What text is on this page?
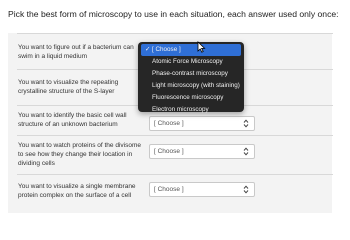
Pick the best form of microscopy to use in each situation, each answer used only once:
You want to figure out if a bacterium can swim in a liquid medium
You want to visualize the repeating crystalline structure of the S-layer
You want to identify the basic cell wall structure of an unknown bacterium	[ Choose ]
You want to watch proteins of the divisome to see how they change their location in dividing cells
[ Choose ]
You want to visualize a single membrane protein complex on the surface of a cell
[ Choose ]
✓ [ Choose ]
Atomic Force Microscopy
Phase-contrast microscopy
Light microscopy (with staining)
Fluorescence microscopy
Electron microscopy
